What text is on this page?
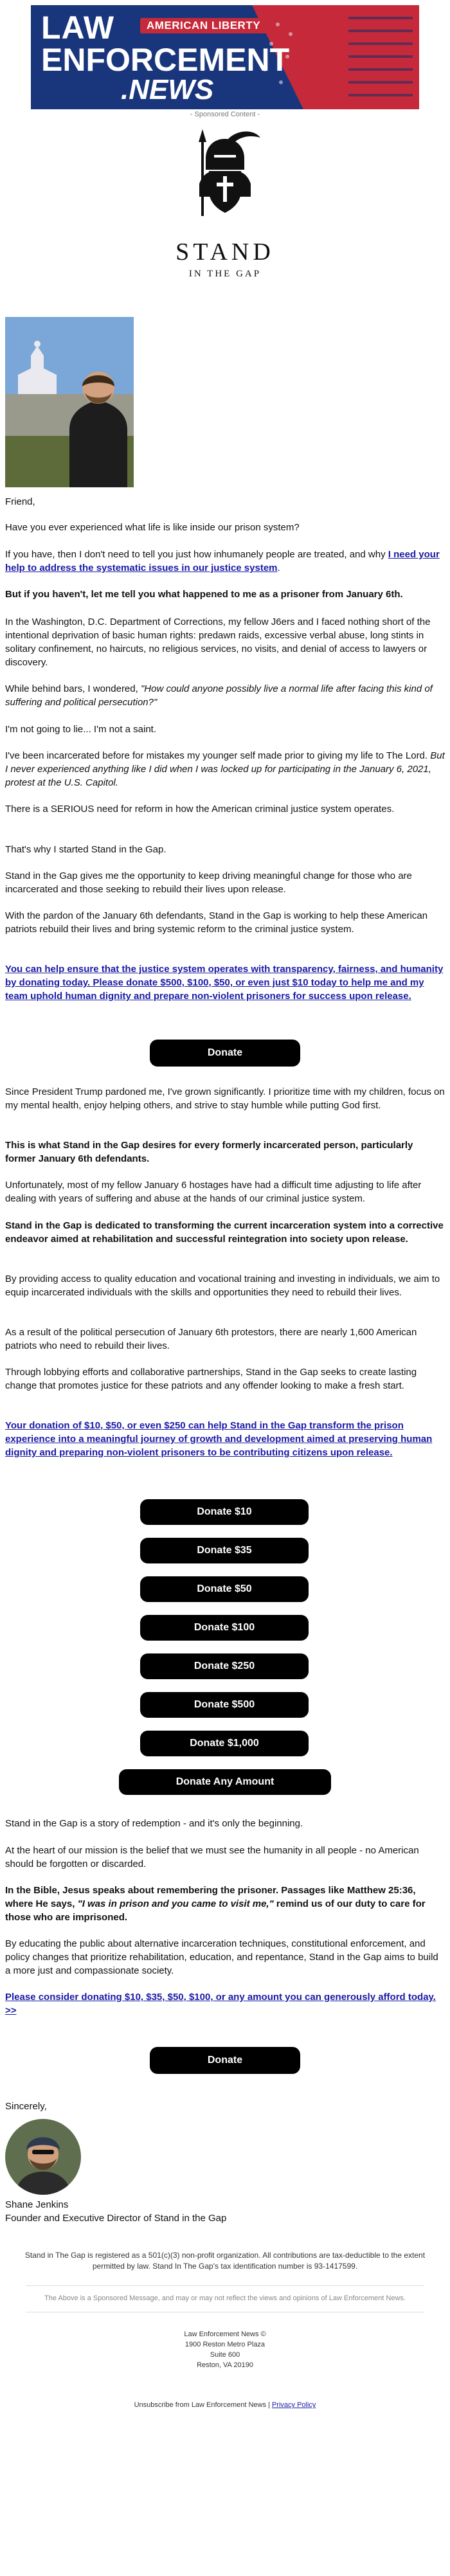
LAW	AMERICAN LIBERTY
ENFORCEMENT
.NEWS
- Sponsored Content -
STAND
IN THE GAP
Friend,
Have you ever experienced what life is like inside our prison system?
If you have, then I don't need to tell you just how inhumanely people are treated, and why I need your help to address the systematic issues in our justice system.
But if you haven't, let me tell you what happened to me as a prisoner from January 6th.
In the Washington, D.C. Department of Corrections, my fellow J6ers and I faced nothing short of the intentional deprivation of basic human rights: predawn raids, excessive verbal abuse, long stints in solitary confinement, no haircuts, no religious services, no visits, and denial of access to lawyers or discovery.
While behind bars, I wondered, "How could anyone possibly live a normal life after facing this kind of suffering and political persecution?"
I'm not going to lie... I'm not a saint.
I've been incarcerated before for mistakes my younger self made prior to giving my life to The Lord. But I never experienced anything like I did when I was locked up for participating in the January 6, 2021, protest at the U.S. Capitol.
There is a SERIOUS need for reform in how the American criminal justice system operates.
That's why I started Stand in the Gap.
Stand in the Gap gives me the opportunity to keep driving meaningful change for those who are incarcerated and those seeking to rebuild their lives upon release.
With the pardon of the January 6th defendants, Stand in the Gap is working to help these American patriots rebuild their lives and bring systemic reform to the criminal justice system.
You can help ensure that the justice system operates with transparency, fairness, and humanity by donating today. Please donate $500, $100, $50, or even just $10 today to help me and my team uphold human dignity and prepare non-violent prisoners for success upon release.
Donate
Since President Trump pardoned me, I've grown significantly. I prioritize time with my children, focus on my mental health, enjoy helping others, and strive to stay humble while putting God first.
This is what Stand in the Gap desires for every formerly incarcerated person, particularly former January 6th defendants.
Unfortunately, most of my fellow January 6 hostages have had a difficult time adjusting to life after dealing with years of suffering and abuse at the hands of our criminal justice system.
Stand in the Gap is dedicated to transforming the current incarceration system into a corrective endeavor aimed at rehabilitation and successful reintegration into society upon release.
By providing access to quality education and vocational training and investing in individuals, we aim to equip incarcerated individuals with the skills and opportunities they need to rebuild their lives.
As a result of the political persecution of January 6th protestors, there are nearly 1,600 American patriots who need to rebuild their lives.
Through lobbying efforts and collaborative partnerships, Stand in the Gap seeks to create lasting change that promotes justice for these patriots and any offender looking to make a fresh start.
Your donation of $10, $50, or even $250 can help Stand in the Gap transform the prison experience into a meaningful journey of growth and development aimed at preserving human dignity and preparing non-violent prisoners to be contributing citizens upon release.
Donate $10
Donate $35
Donate $50
Donate $100
Donate $250
Donate $500
Donate $1,000
Donate Any Amount
Stand in the Gap is a story of redemption - and it's only the beginning.
At the heart of our mission is the belief that we must see the humanity in all people - no American should be forgotten or discarded.
In the Bible, Jesus speaks about remembering the prisoner. Passages like Matthew 25:36, where He says, "I was in prison and you came to visit me," remind us of our duty to care for those who are imprisoned.
By educating the public about alternative incarceration techniques, constitutional enforcement, and policy changes that prioritize rehabilitation, education, and repentance, Stand in the Gap aims to build a more just and compassionate society.
Please consider donating $10, $35, $50, $100, or any amount you can generously afford today. >>
Donate
Sincerely,
Shane Jenkins
Founder and Executive Director of Stand in the Gap
Stand in The Gap is registered as a 501(c)(3) non-profit organization. All contributions are tax-deductible to the extent permitted by law. Stand In The Gap's tax identification number is 93-1417599.
The Above is a Sponsored Message, and may or may not reflect the views and opinions of Law Enforcement News.
Law Enforcement News ©
1900 Reston Metro Plaza
Suite 600
Reston, VA 20190
Unsubscribe from Law Enforcement News | Privacy Policy
